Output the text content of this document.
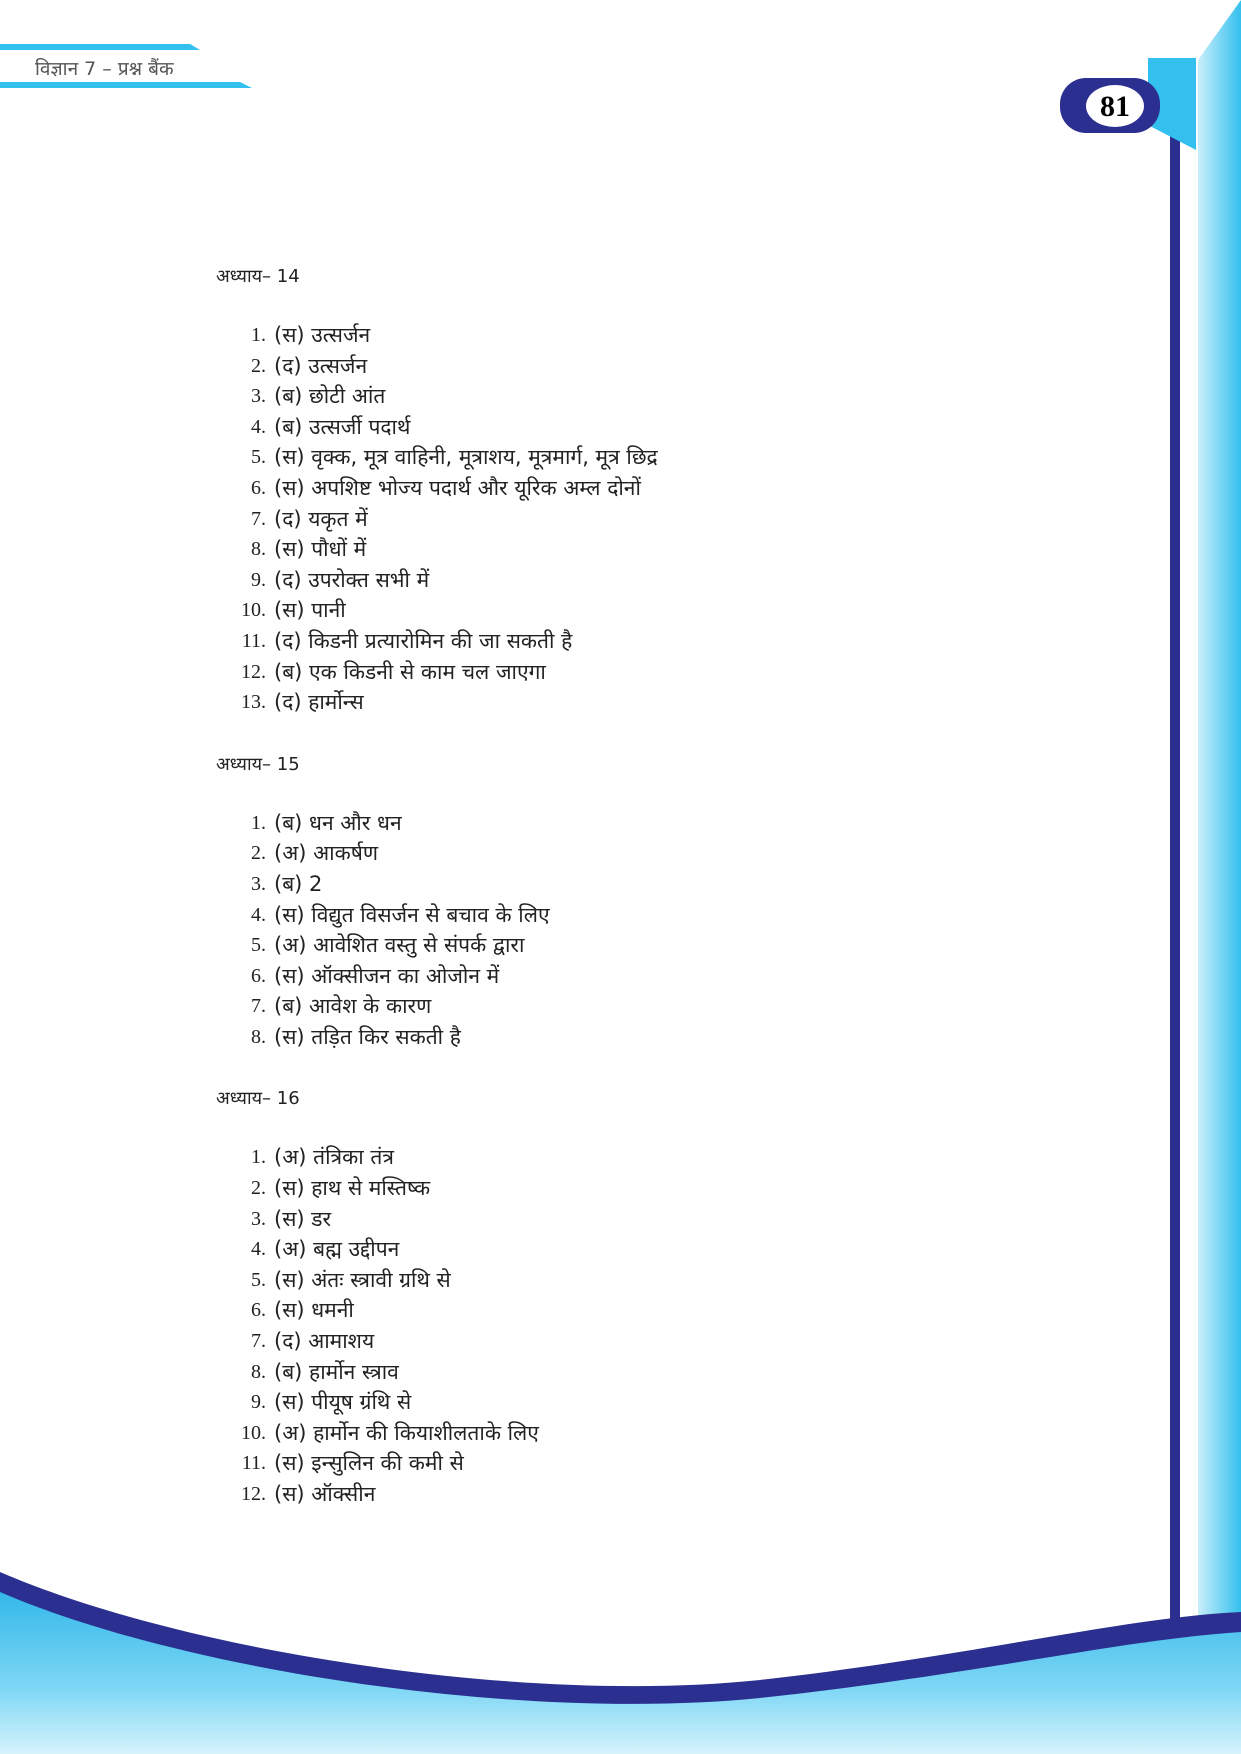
विज्ञान 7 – प्रश्न बैंक
81
अध्याय– 14
1. (स) उत्सर्जन
2. (द) उत्सर्जन
3. (ब) छोटी आंत
4. (ब) उत्सर्जी पदार्थ
5. (स) वृक्क, मूत्र वाहिनी, मूत्राशय, मूत्रमार्ग, मूत्र छिद्र
6. (स) अपशिष्ट भोज्य पदार्थ और यूरिक अम्ल दोनों
7. (द) यकृत में
8. (स) पौधों में
9. (द) उपरोक्त सभी में
10. (स) पानी
11. (द) किडनी प्रत्यारोमिन की जा सकती है
12. (ब) एक किडनी से काम चल जाएगा
13. (द) हार्मोन्स
अध्याय– 15
1. (ब) धन और धन
2. (अ) आकर्षण
3. (ब) 2
4. (स) विद्युत विसर्जन से बचाव के लिए
5. (अ) आवेशित वस्तु से संपर्क द्वारा
6. (स) ऑक्सीजन का ओजोन में
7. (ब) आवेश के कारण
8. (स) तड़ित किर सकती है
अध्याय– 16
1. (अ) तंत्रिका तंत्र
2. (स) हाथ से मस्तिष्क
3. (स) डर
4. (अ) बह्म उद्दीपन
5. (स) अंतः स्त्रावी ग्रथि से
6. (स) धमनी
7. (द) आमाशय
8. (ब) हार्मोन स्त्राव
9. (स) पीयूष ग्रंथि से
10. (अ) हार्मोन की कियाशीलताके लिए
11. (स) इन्सुलिन की कमी से
12. (स) ऑक्सीन
